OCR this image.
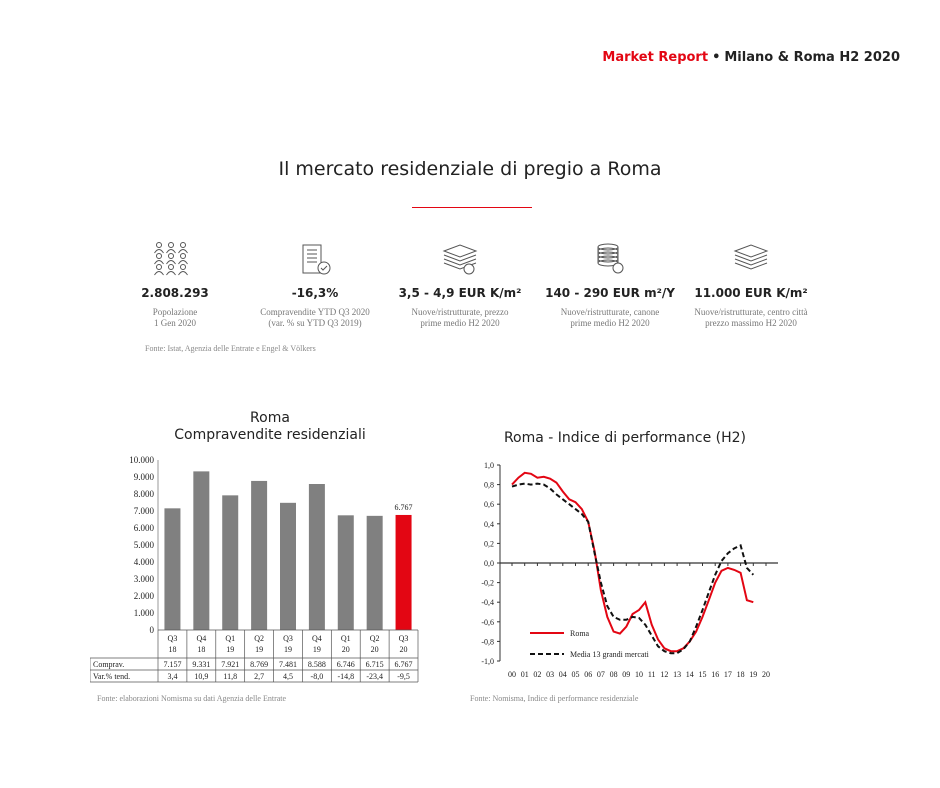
Market Report • Milano & Roma H2 2020
Il mercato residenziale di pregio a Roma
2.808.293
Popolazione
1 Gen 2020
-16,3%
Compravendite YTD Q3 2020
(var. % su YTD Q3 2019)
3,5 - 4,9 EUR K/m²
Nuove/ristrutturate, prezzo
prime medio H2 2020
140 - 290 EUR m²/Y
Nuove/ristrutturate, canone
prime medio H2 2020
11.000 EUR K/m²
Nuove/ristrutturate, centro città
prezzo massimo H2 2020
Fonte: Istat, Agenzia delle Entrate e Engel & Völkers
Roma
Compravendite residenziali
0
1.000
2.000
3.000
4.000
5.000
6.000
7.000
8.000
9.000
10.000
6.767
Q3
18
Q4
18
Q1
19
Q2
19
Q3
19
Q4
19
Q1
20
Q2
20
Q3
20
Comprav.	7.157 9.331 7.921 8.769 7.481 8.588 6.746 6.715 6.767
Var.% tend.	3,4 10,9 11,8 2,7 4,5 -8,0 -14,8 -23,4 -9,5
Fonte: elaborazioni Nomisma su dati Agenzia delle Entrate
Roma - Indice di performance (H2)
1,0
0,8
0,6
0,4
0,2
0,0
-0,2
-0,4
-0,6
-0,8
-1,0
00 01 02 03 04 05 06 07 08 09 10 11 12 13 14 15 16 17 18 19 20
Roma
Media 13 grandi mercati
Fonte: Nomisma, Indice di performance residenziale
